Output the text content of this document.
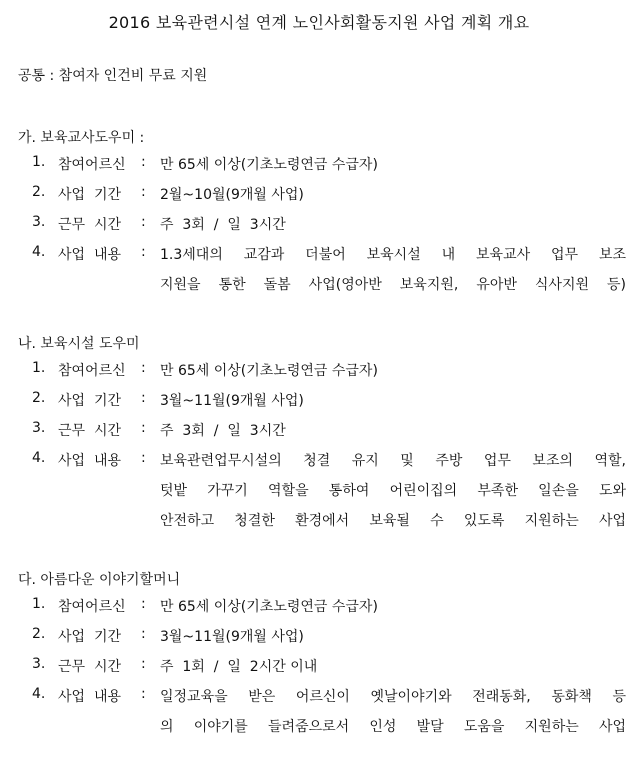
2016 보육관련시설 연계 노인사회활동지원 사업 계획 개요
공통 : 참여자 인건비 무료 지원
가. 보육교사도우미 :
1. 참여어르신 : 만 65세 이상(기초노령연금 수급자)
2. 사업  기간 : 2월~10월(9개월 사업)
3. 근무  시간 : 주  3회  /  일  3시간
4. 사업  내용 : 1.3세대의 교감과 더불어 보육시설 내 보육교사 업무 보조
지원을 통한 돌봄 사업(영아반 보육지원, 유아반 식사지원 등)
나. 보육시설 도우미
1. 참여어르신 : 만 65세 이상(기초노령연금 수급자)
2. 사업  기간 : 3월~11월(9개월 사업)
3. 근무  시간 : 주  3회  /  일  3시간
4. 사업  내용 : 보육관련업무시설의 청결 유지 및 주방 업무 보조의 역할,
텃밭 가꾸기 역할을 통하여 어린이집의 부족한 일손을 도와
안전하고 청결한 환경에서 보육될 수 있도록 지원하는 사업
다. 아름다운 이야기할머니
1. 참여어르신 : 만 65세 이상(기초노령연금 수급자)
2. 사업  기간 : 3월~11월(9개월 사업)
3. 근무  시간 : 주  1회  /  일  2시간 이내
4. 사업  내용 : 일정교육을 받은 어르신이 옛날이야기와 전래동화, 동화책 등
의 이야기를 들려줌으로서 인성 발달 도움을 지원하는 사업
